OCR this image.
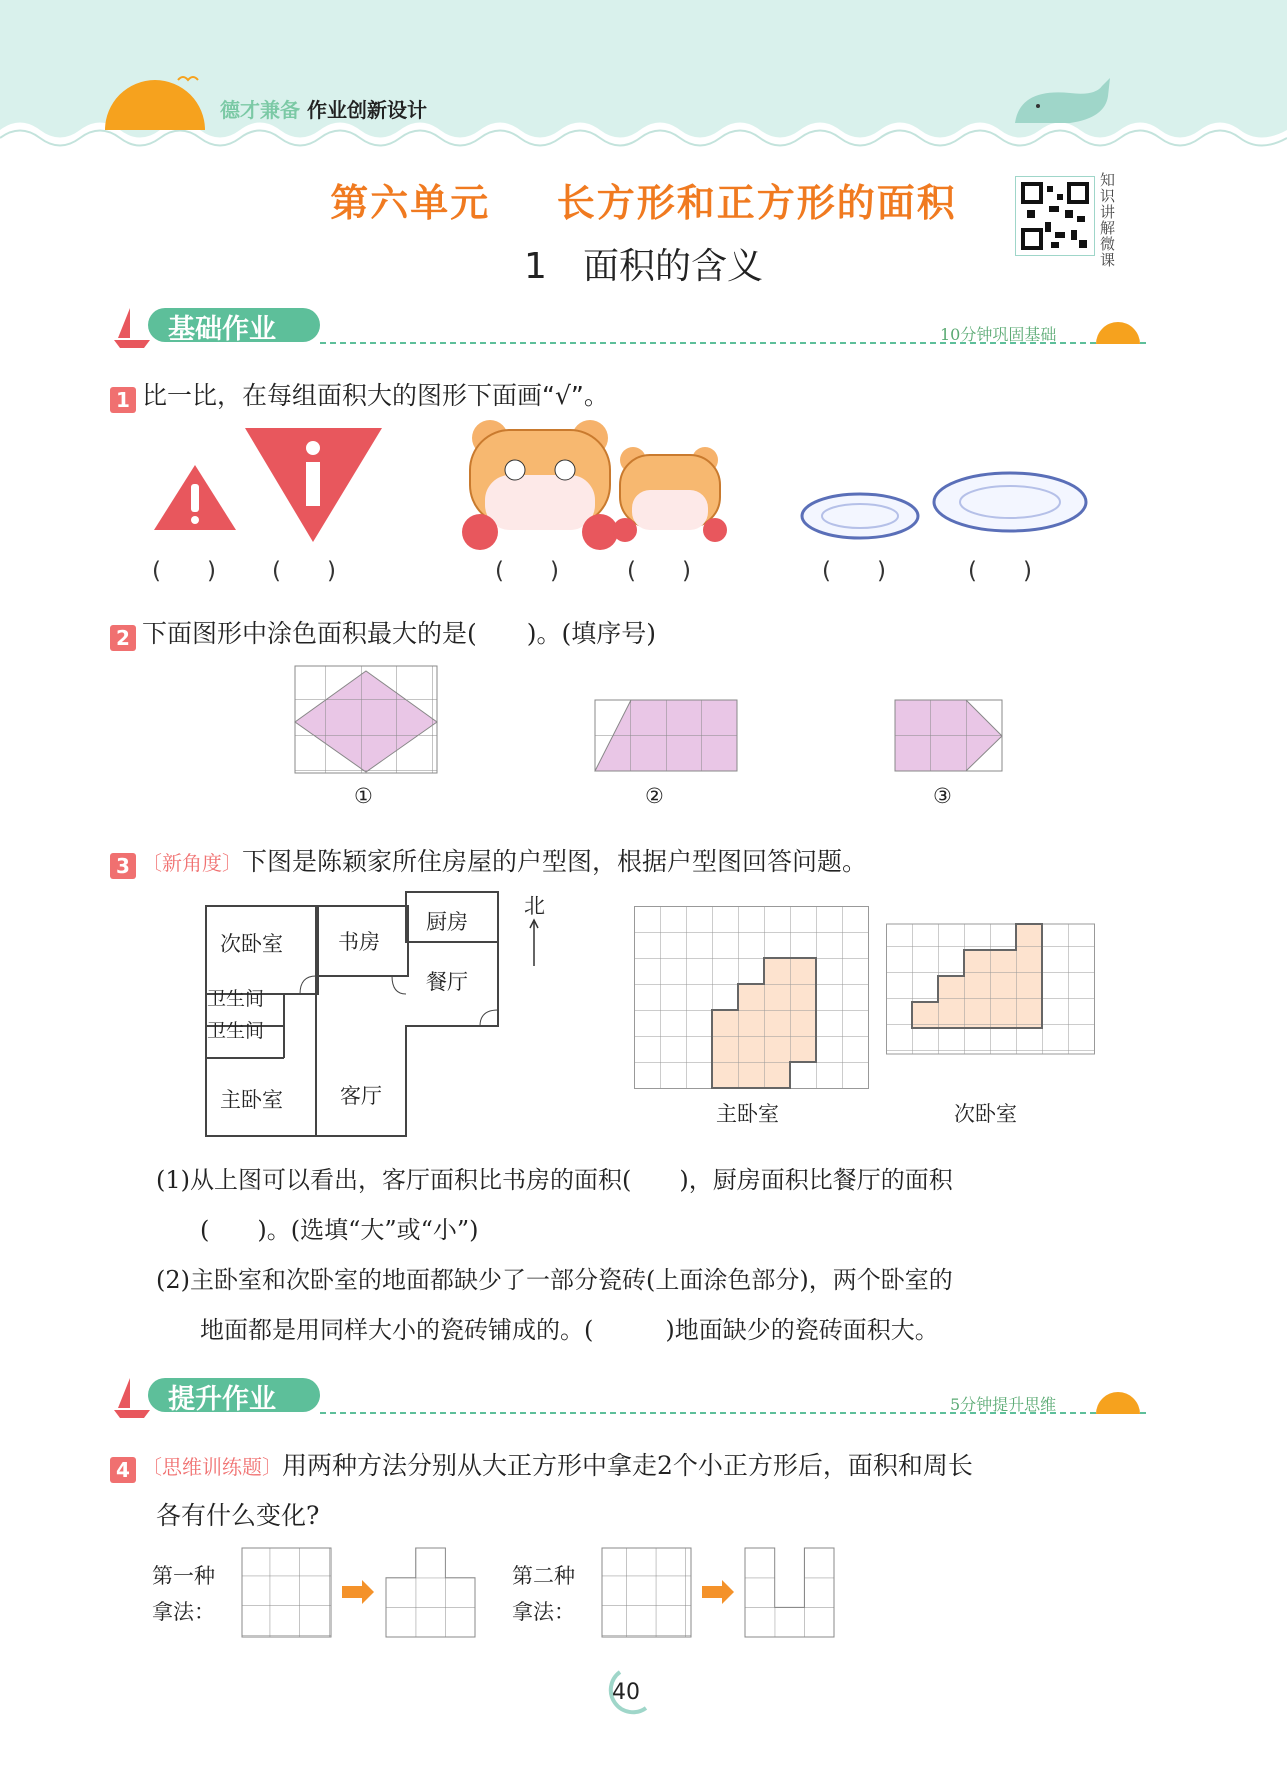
德才兼备 作业创新设计
第六单元 长方形和正方形的面积
1　面积的含义
知识讲解微课
基础作业	10分钟巩固基础
1 比一比，在每组面积大的图形下面画“√”。
(　　) (　　)	(　　)	(　　)	(　　)	(　　)
2 下面图形中涂色面积最大的是(　　)。(填序号)
①	②	③
3 〔新角度〕下图是陈颖家所住房屋的户型图，根据户型图回答问题。
次卧室	书房
厨房
餐厅
卫生间
卫生间
主卧室	客厅
北
主卧室	次卧室
(1)从上图可以看出，客厅面积比书房的面积(　　)，厨房面积比餐厅的面积
(　　)。(选填“大”或“小”)
(2)主卧室和次卧室的地面都缺少了一部分瓷砖(上面涂色部分)，两个卧室的
地面都是用同样大小的瓷砖铺成的。(　　　)地面缺少的瓷砖面积大。
提升作业	5分钟提升思维
4 〔思维训练题〕用两种方法分别从大正方形中拿走2个小正方形后，面积和周长
各有什么变化?
第一种
拿法：
第二种
拿法：
40
